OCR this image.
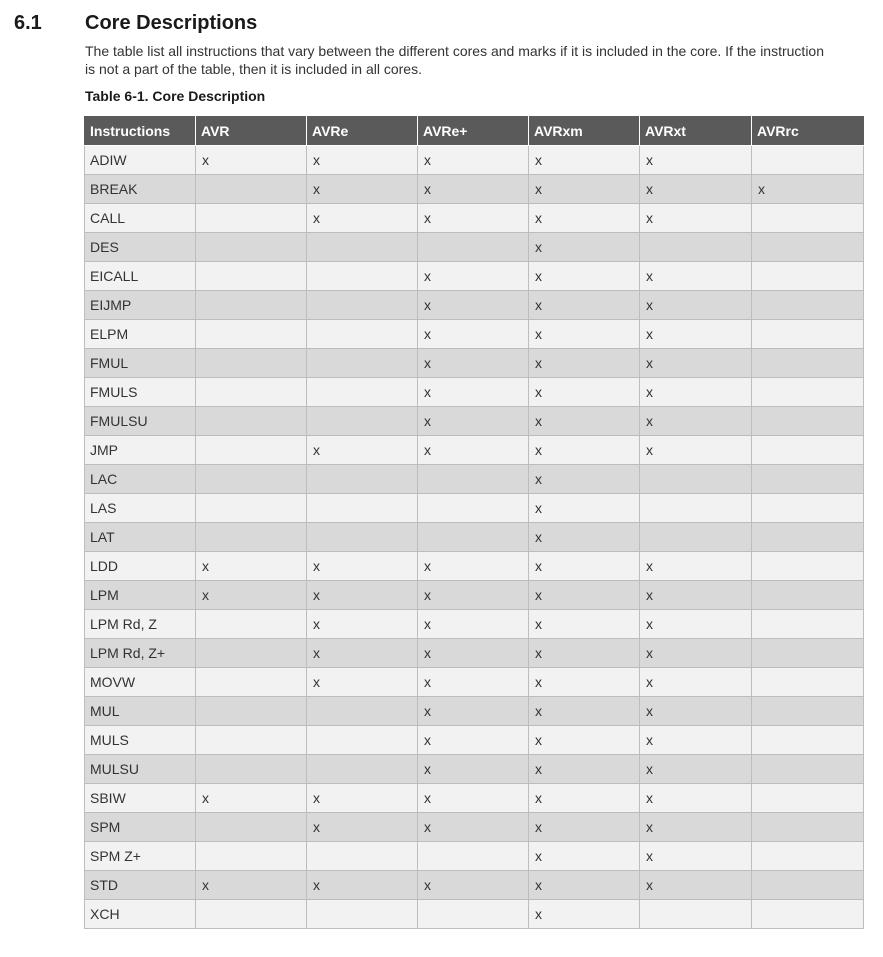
6.1 Core Descriptions
The table list all instructions that vary between the different cores and marks if it is included in the core. If the instruction is not a part of the table, then it is included in all cores.
Table 6-1. Core Description
Instructions	AVR	AVRe	AVRe+	AVRxm	AVRxt	AVRrc
ADIW	x	x	x	x	x	
BREAK		x	x	x	x	x
CALL		x	x	x	x	
DES				x		
EICALL			x	x	x	
EIJMP			x	x	x	
ELPM			x	x	x	
FMUL			x	x	x	
FMULS			x	x	x	
FMULSU			x	x	x	
JMP		x	x	x	x	
LAC				x		
LAS				x		
LAT				x		
LDD	x	x	x	x	x	
LPM	x	x	x	x	x	
LPM Rd, Z		x	x	x	x	
LPM Rd, Z+		x	x	x	x	
MOVW		x	x	x	x	
MUL			x	x	x	
MULS			x	x	x	
MULSU			x	x	x	
SBIW	x	x	x	x	x	
SPM		x	x	x	x	
SPM Z+				x	x	
STD	x	x	x	x	x	
XCH				x		
